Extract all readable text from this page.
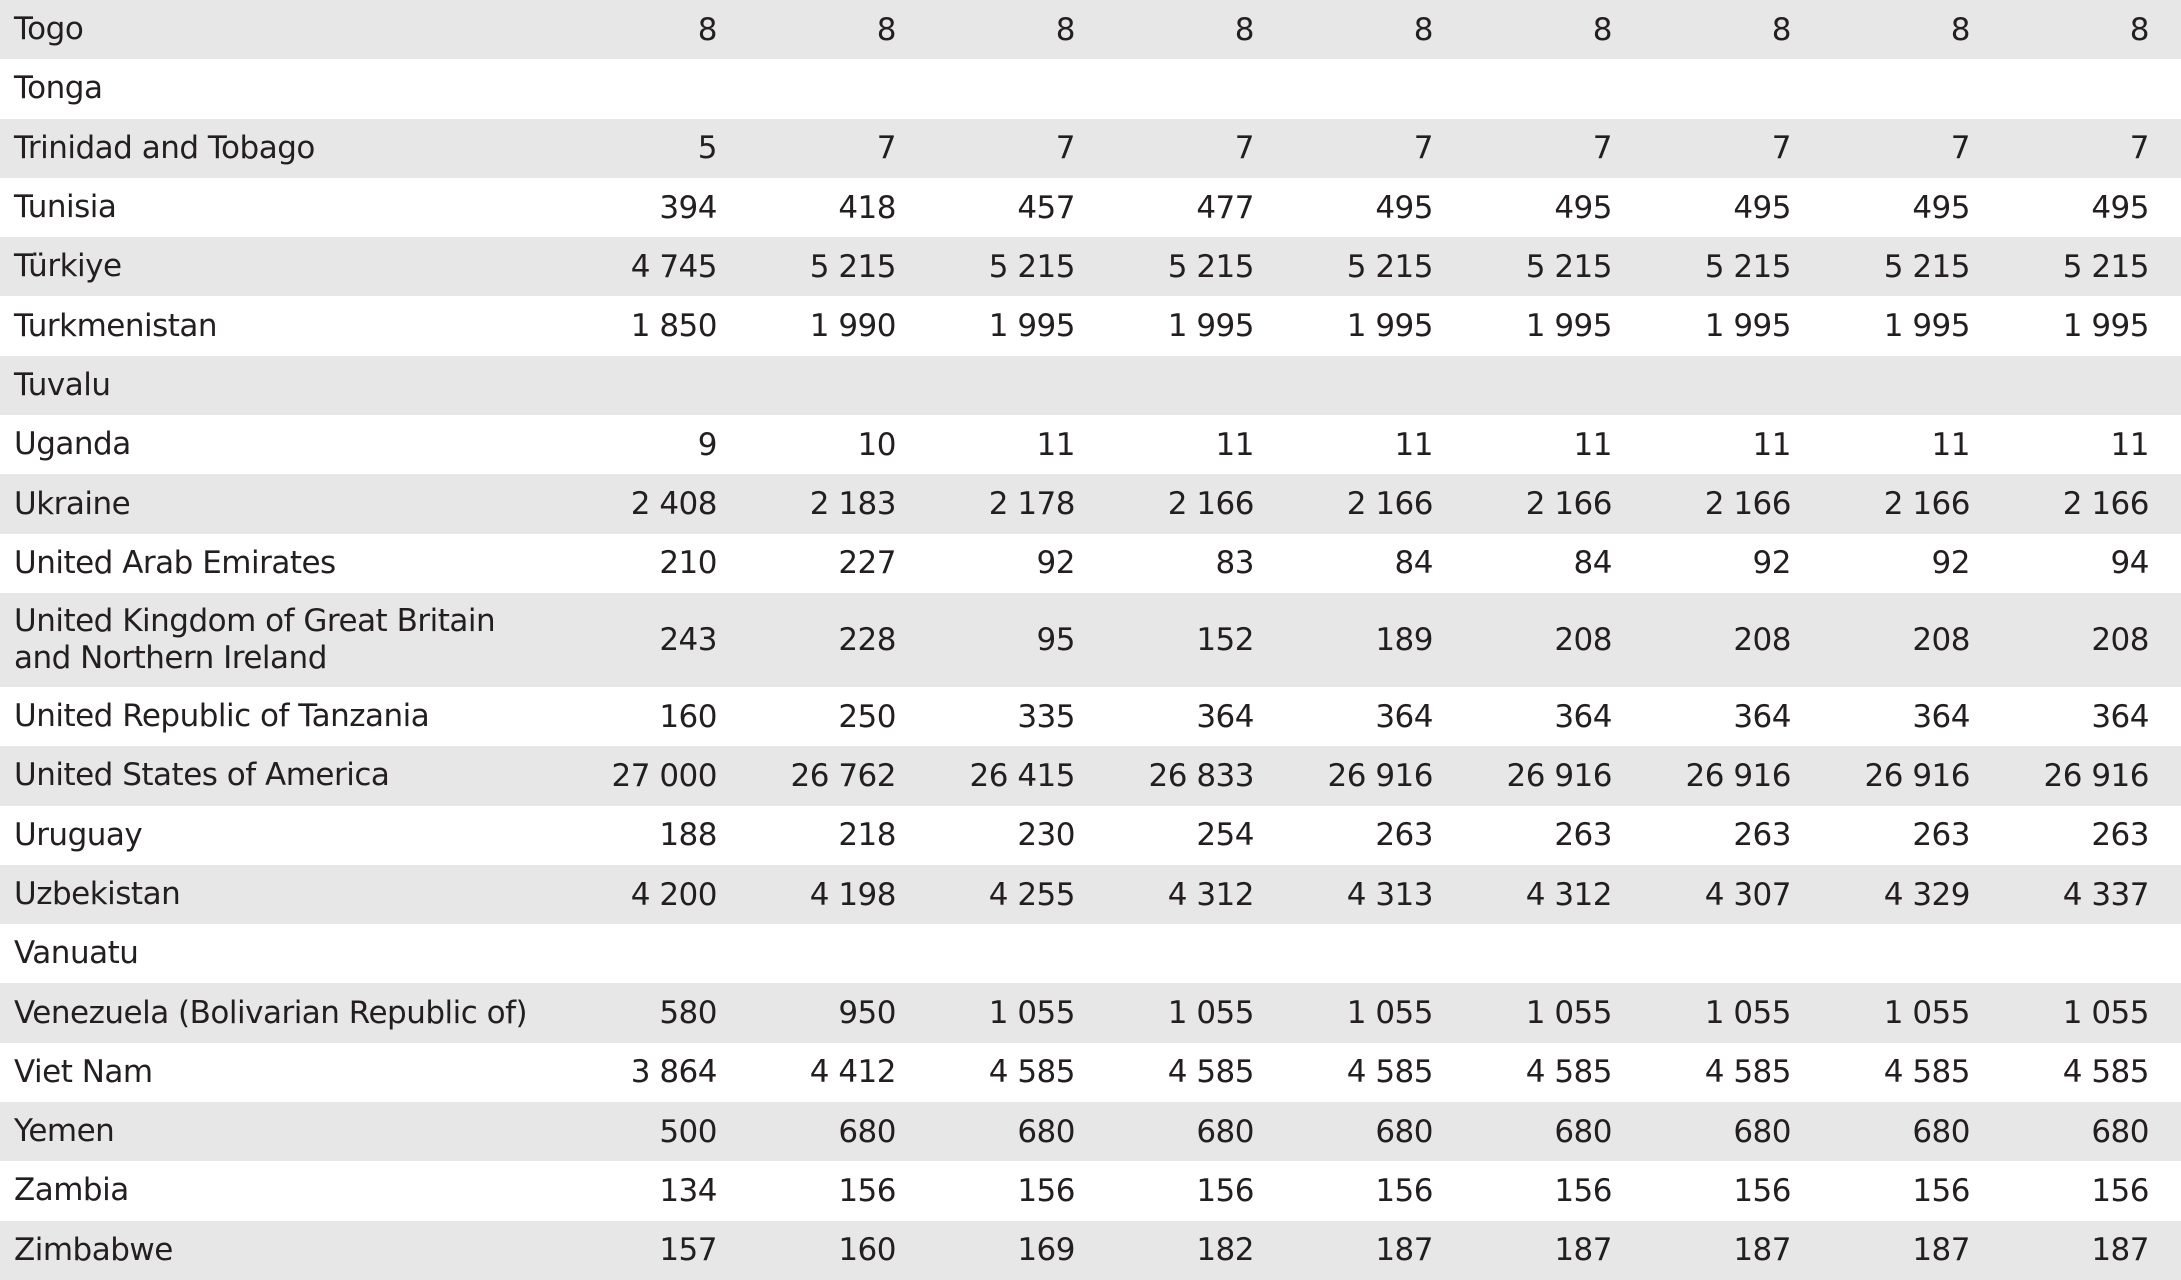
Togo	8	8	8	8	8	8	8	8	8	
Tonga										
Trinidad and Tobago	5	7	7	7	7	7	7	7	7	
Tunisia	394	418	457	477	495	495	495	495	495	
Türkiye	4 745	5 215	5 215	5 215	5 215	5 215	5 215	5 215	5 215	
Turkmenistan	1 850	1 990	1 995	1 995	1 995	1 995	1 995	1 995	1 995	
Tuvalu										
Uganda	9	10	11	11	11	11	11	11	11	
Ukraine	2 408	2 183	2 178	2 166	2 166	2 166	2 166	2 166	2 166	
United Arab Emirates	210	227	92	83	84	84	92	92	94	
United Kingdom of Great Britain and Northern Ireland	243	228	95	152	189	208	208	208	208	
United Republic of Tanzania	160	250	335	364	364	364	364	364	364	
United States of America	27 000	26 762	26 415	26 833	26 916	26 916	26 916	26 916	26 916	
Uruguay	188	218	230	254	263	263	263	263	263	
Uzbekistan	4 200	4 198	4 255	4 312	4 313	4 312	4 307	4 329	4 337	
Vanuatu										
Venezuela (Bolivarian Republic of)	580	950	1 055	1 055	1 055	1 055	1 055	1 055	1 055	
Viet Nam	3 864	4 412	4 585	4 585	4 585	4 585	4 585	4 585	4 585	
Yemen	500	680	680	680	680	680	680	680	680	
Zambia	134	156	156	156	156	156	156	156	156	
Zimbabwe	157	160	169	182	187	187	187	187	187	
